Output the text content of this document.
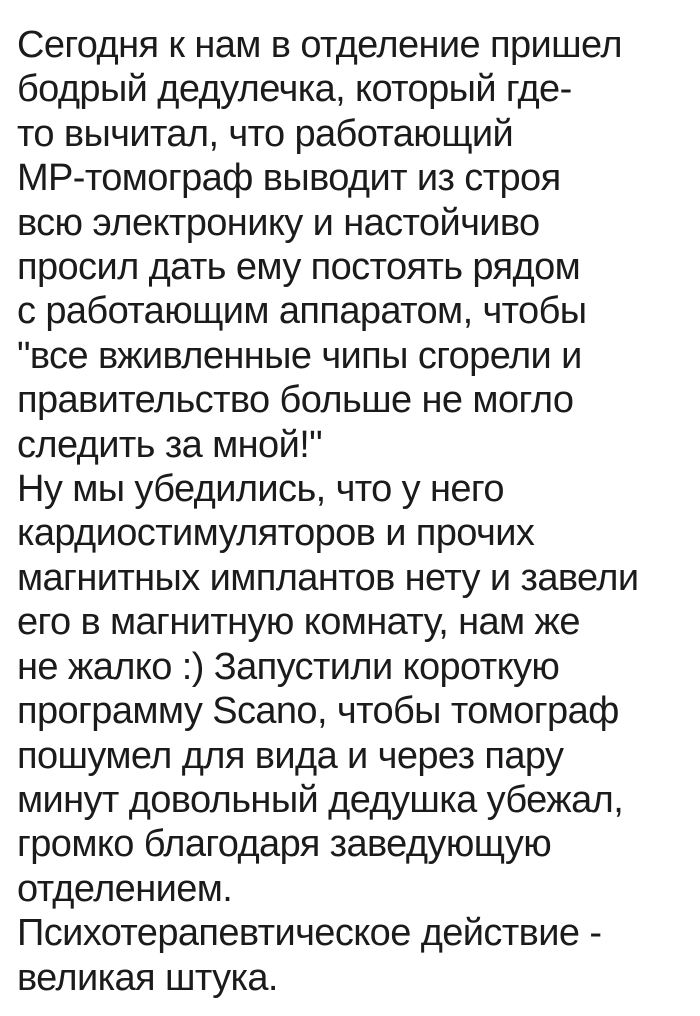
Сегодня к нам в отделение пришел
бодрый дедулечка, который где-
то вычитал, что работающий
МР-томограф выводит из строя
всю электронику и настойчиво
просил дать ему постоять рядом
с работающим аппаратом, чтобы
"все вживленные чипы сгорели и
правительство больше не могло
следить за мной!"
Ну мы убедились, что у него
кардиостимуляторов и прочих
магнитных имплантов нету и завели
его в магнитную комнату, нам же
не жалко :) Запустили короткую
программу Scano, чтобы томограф
пошумел для вида и через пару
минут довольный дедушка убежал,
громко благодаря заведующую
отделением.
Психотерапевтическое действие -
великая штука.
